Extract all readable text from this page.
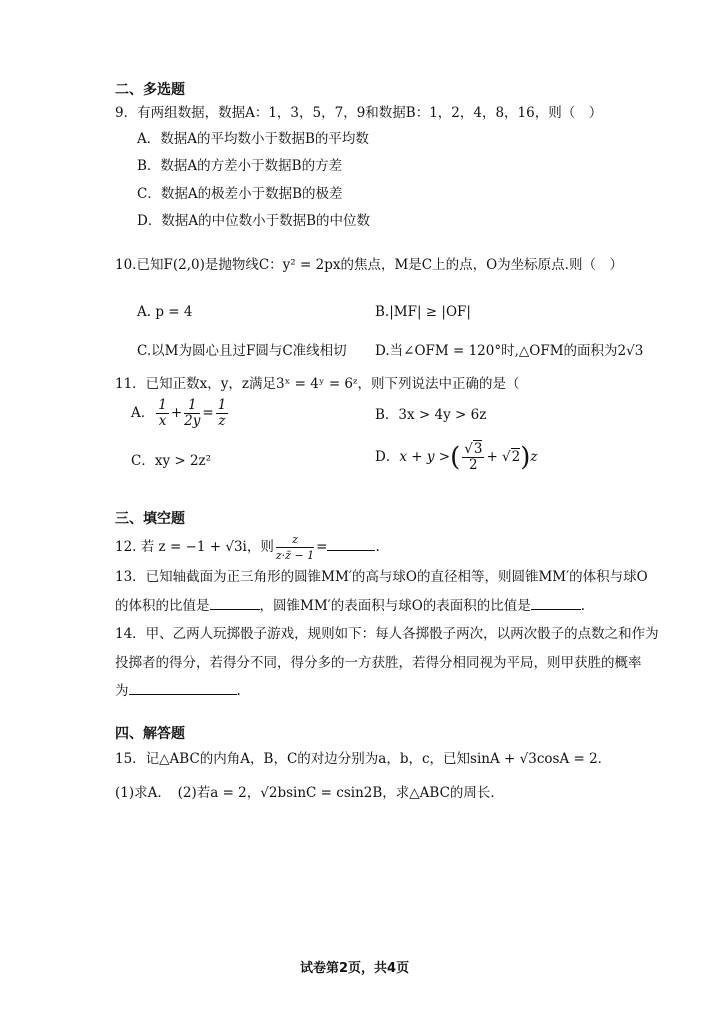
二、多选题
9．有两组数据，数据A：1，3，5，7，9和数据B：1，2，4，8，16，则（　）
A．数据A的平均数小于数据B的平均数
B．数据A的方差小于数据B的方差
C．数据A的极差小于数据B的极差
D．数据A的中位数小于数据B的中位数
10.已知F(2,0)是抛物线C：y² = 2px的焦点，M是C上的点，O为坐标原点.则（　）
A. p = 4	B.|MF| ≥ |OF|
C.以M为圆心且过F圆与C准线相切 D.当∠OFM = 120°时,△OFM的面积为2√3
11．已知正数x，y，z满足3ˣ = 4ʸ = 6ᶻ，则下列说法中正确的是（
A． $\frac{1}{x} + \frac{1}{2y} = \frac{1}{z}$	B．3x > 4y > 6z
C．xy > 2z²	D．x + y >( $\frac{√3}{2} + √2)z$
三、填空题
12. 若 z = −1 + √3i，则 $\frac{z}{z\cdot z̄ - 1}$ =	.
13．已知轴截面为正三角形的圆锥MM′的高与球O的直径相等，则圆锥MM′的体积与球O
的体积的比值是	，圆锥MM′的表面积与球O的表面积的比值是	.
14．甲、乙两人玩掷骰子游戏，规则如下：每人各掷骰子两次，以两次骰子的点数之和作为
投掷者的得分，若得分不同，得分多的一方获胜，若得分相同视为平局，则甲获胜的概率
为	.
四、解答题
15．记△ABC的内角A，B，C的对边分别为a，b，c，已知sinA + √3cosA = 2．
(1)求A．　(2)若a = 2，√2bsinC = csin2B，求△ABC的周长．
试卷第2页，共4页
